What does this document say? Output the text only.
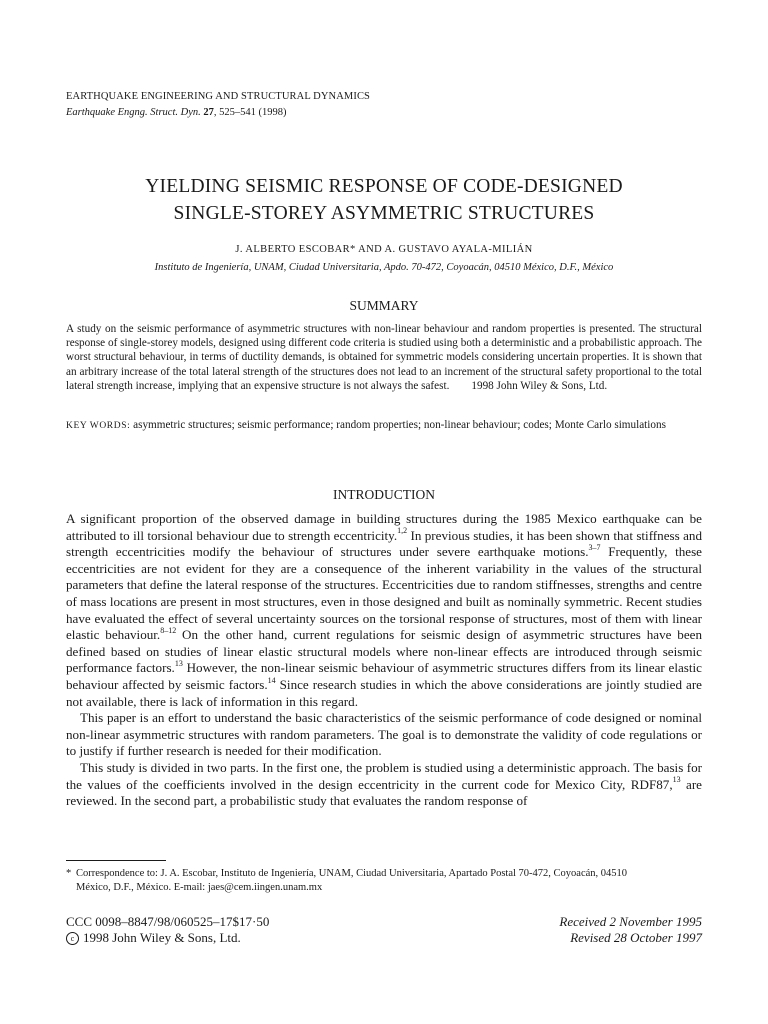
EARTHQUAKE ENGINEERING AND STRUCTURAL DYNAMICS
Earthquake Engng. Struct. Dyn. 27, 525–541 (1998)
YIELDING SEISMIC RESPONSE OF CODE-DESIGNED
SINGLE-STOREY ASYMMETRIC STRUCTURES
J. ALBERTO ESCOBAR* AND A. GUSTAVO AYALA-MILIÁN
Instituto de Ingeniería, UNAM, Ciudad Universitaria, Apdo. 70-472, Coyoacán, 04510 México, D.F., México
SUMMARY
A study on the seismic performance of asymmetric structures with non-linear behaviour and random properties is presented. The structural response of single-storey models, designed using different code criteria is studied using both a deterministic and a probabilistic approach. The worst structural behaviour, in terms of ductility demands, is obtained for symmetric models considering uncertain properties. It is shown that an arbitrary increase of the total lateral strength of the structures does not lead to an increment of the structural safety proportional to the total lateral strength increase, implying that an expensive structure is not always the safest. 1998 John Wiley & Sons, Ltd.
KEY WORDS: asymmetric structures; seismic performance; random properties; non-linear behaviour; codes; Monte Carlo simulations
INTRODUCTION

A significant proportion of the observed damage in building structures during the 1985 Mexico earthquake can be attributed to ill torsional behaviour due to strength eccentricity.$^{1,2}$ In previous studies, it has been shown that stiffness and strength eccentricities modify the behaviour of structures under severe earthquake motions.$^{3-7}$ Frequently, these eccentricities are not evident for they are a consequence of the inherent variability in the values of the structural parameters that define the lateral response of the structures. Eccentricities due to random stiffnesses, strengths and centre of mass locations are present in most structures, even in those designed and built as nominally symmetric. Recent studies have evaluated the effect of several uncertainty sources on the torsional response of structures, most of them with linear elastic behaviour.$^{8-12}$ On the other hand, current regulations for seismic design of asymmetric structures have been defined based on studies of linear elastic structural models where non-linear effects are introduced through seismic performance factors.$^{13}$ However, the non-linear seismic behaviour of asymmetric structures differs from its linear elastic behaviour affected by seismic factors.$^{14}$ Since research studies in which the above considerations are jointly studied are not available, there is lack of information in this regard.

This paper is an effort to understand the basic characteristics of the seismic performance of code designed or nominal non-linear asymmetric structures with random parameters. The goal is to demonstrate the validity of code regulations or to justify if further research is needed for their modification.

This study is divided in two parts. In the first one, the problem is studied using a deterministic approach. The basis for the values of the coefficients involved in the design eccentricity in the current code for Mexico City, RDF87,13 are reviewed. In the second part, a probabilistic study that evaluates the random response of

* Correspondence to: J. A. Escobar, Instituto de Ingeniería, UNAM, Ciudad Universitaria, Apartado Postal 70-472, Coyoacán, 04510
México, D.F., México. E-mail: jaes@cem.iingen.unam.mx
CCC 0098–8847/98/060525–17$17·50
c 1998 John Wiley & Sons, Ltd.
Received 2 November 1995
Revised 28 October 1997
